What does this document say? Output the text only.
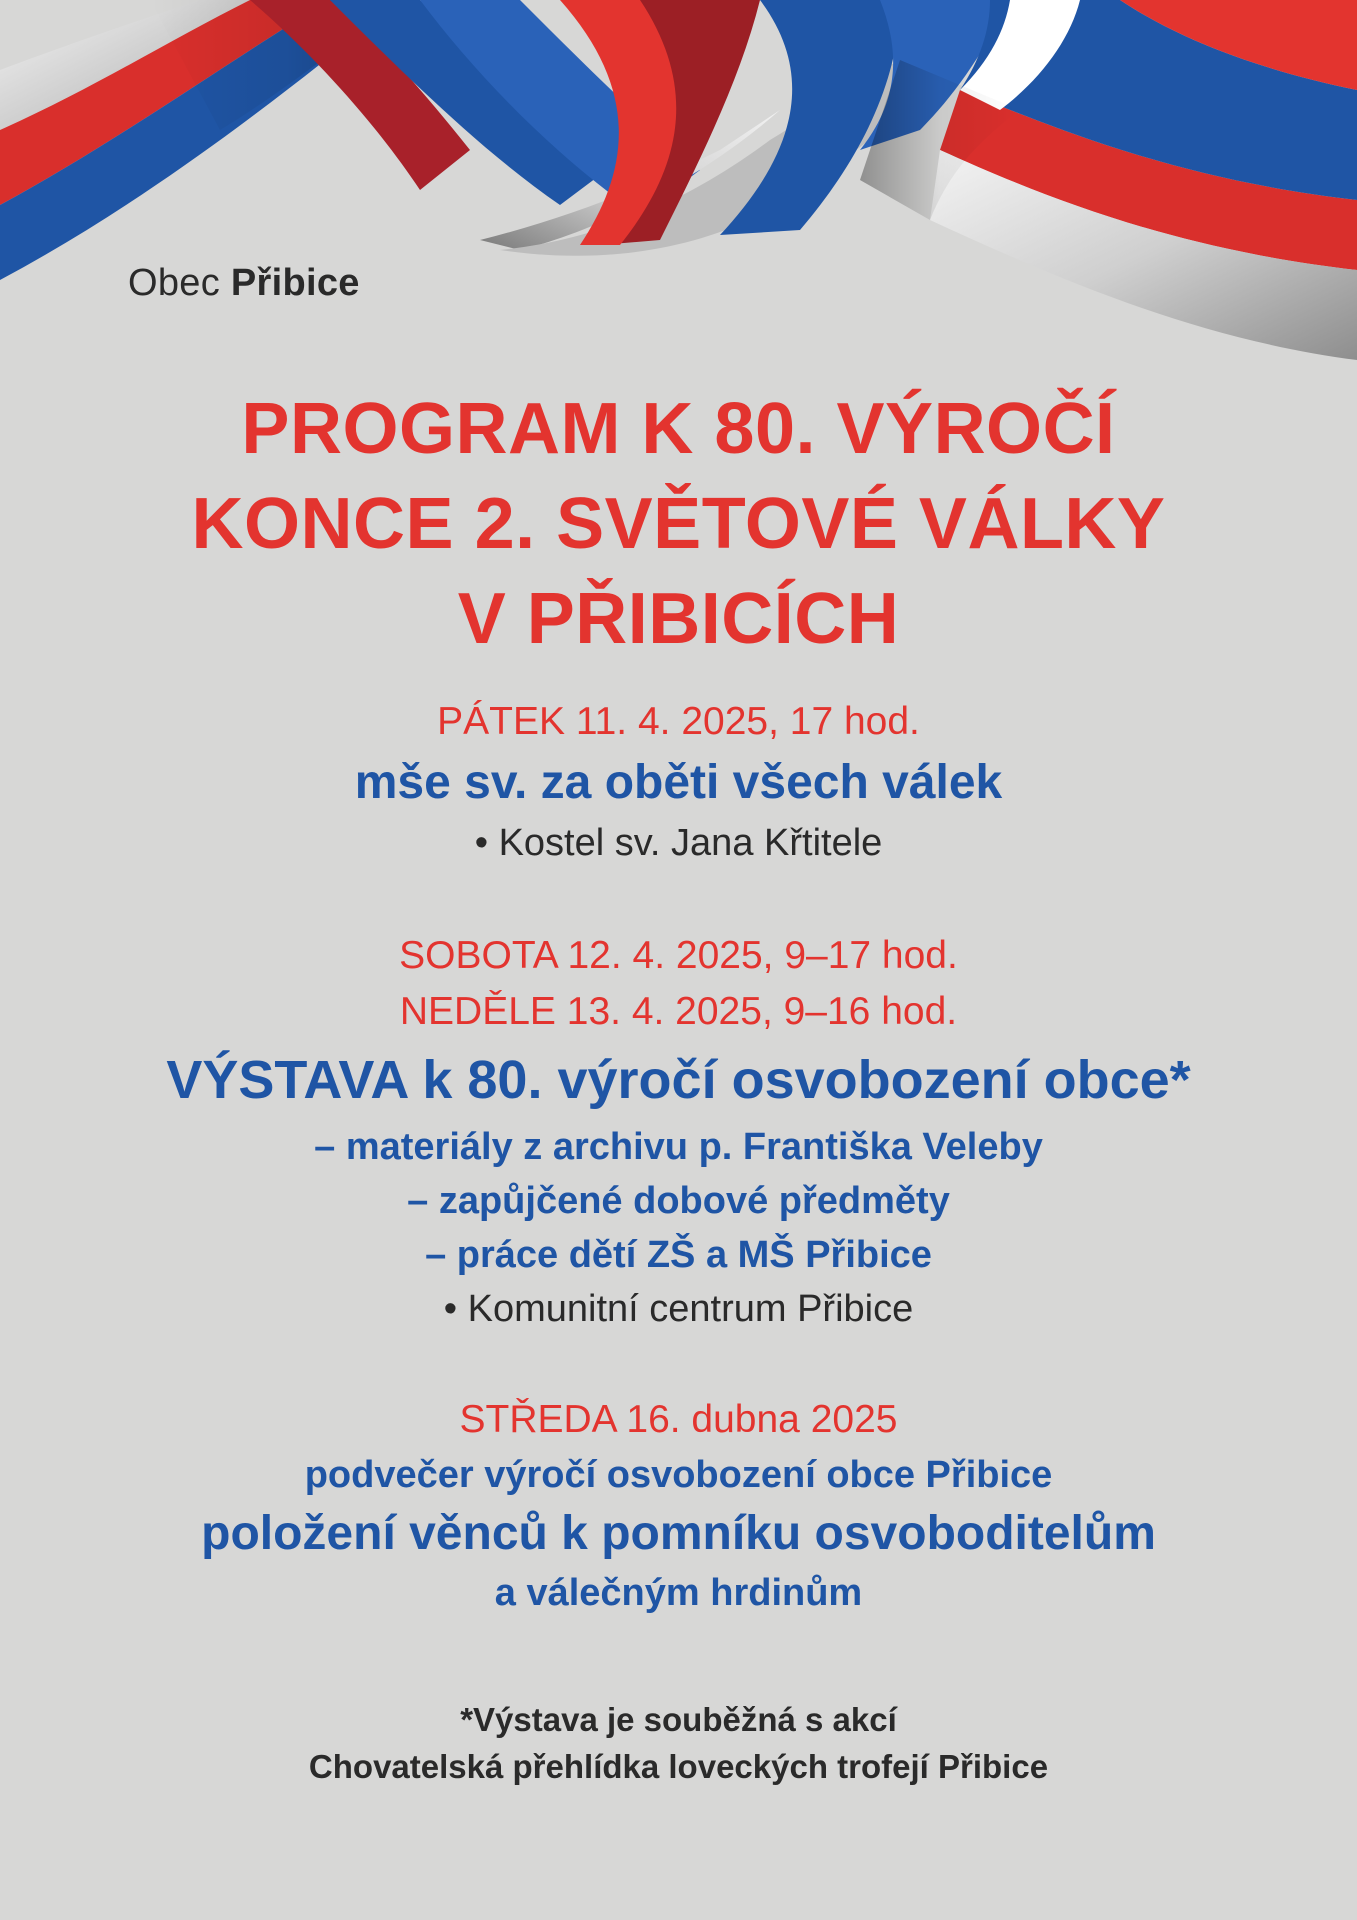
Obec Přibice
PROGRAM K 80. VÝROČÍ
KONCE 2. SVĚTOVÉ VÁLKY
V PŘIBICÍCH
PÁTEK 11. 4. 2025, 17 hod.
mše sv. za oběti všech válek
• Kostel sv. Jana Křtitele
SOBOTA 12. 4. 2025, 9–17 hod.
NEDĚLE 13. 4. 2025, 9–16 hod.
VÝSTAVA k 80. výročí osvobození obce*
– materiály z archivu p. Františka Veleby
– zapůjčené dobové předměty
– práce dětí ZŠ a MŠ Přibice
• Komunitní centrum Přibice
STŘEDA 16. dubna 2025
podvečer výročí osvobození obce Přibice
položení věnců k pomníku osvoboditelům
a válečným hrdinům
*Výstava je souběžná s akcí
Chovatelská přehlídka loveckých trofejí Přibice
